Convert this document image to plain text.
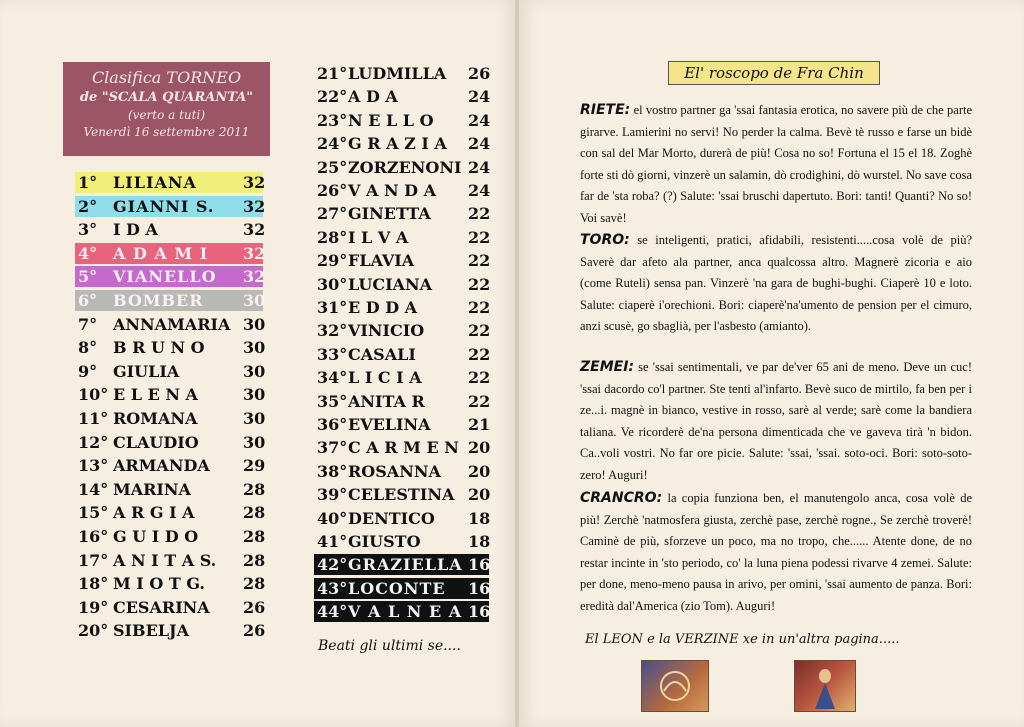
Clasifica TORNEO
de "SCALA QUARANTA"
(verto a tuti)
Venerdì 16 settembre 2011
1° LILIANA	32
2° GIANNI S. 32
3° I D A	32
4° A D A M I 32
5° VIANELLO 32
6° BOMBER 30
7° ANNAMARIA 30
8° B R U N O 30
9° GIULIA	30
10° E L E N A	30
11° ROMANA	30
12° CLAUDIO	30
13° ARMANDA 29
14° MARINA	28
15° A R G I A	28
16° G U I D O	28
17° A N I T A S. 28
18° M I O T G. 28
19° CESARINA 26
20° SIBELJA	26
21° LUDMILLA 26
22° A D A	24
23° N E L L O 24
24° G R A Z I A 24
25° ZORZENONI 24
26° V A N D A 24
27° GINETTA 22
28° I L V A	22
29° FLAVIA	22
30° LUCIANA 22
31° E D D A	22
32° VINICIO	22
33° CASALI	22
34° L I C I A	22
35° ANITA R	22
36° EVELINA 21
37° C A R M E N 20
38° ROSANNA 20
39° CELESTINA 20
40° DENTICO 18
41° GIUSTO	18
42° GRAZIELLA 16
43° LOCONTE 16
44° V A L N E A 16
Beati gli ultimi se....
El' roscopo de Fra Chin
RIETE: el vostro partner ga 'ssai fantasia erotica, no savere più de che parte girarve. Lamierini no servi! No perder la calma. Bevè tè russo e farse un bidè con sal del Mar Morto, durerà de più! Cosa no so! Fortuna el 15 el 18. Zoghè forte sti dò giorni, vinzerè un salamin, dò crodighini, dò wurstel. No save cosa far de 'sta roba? (?) Salute: 'ssai bruschi dapertuto. Bori: tanti! Quanti? No so! Voi savè!
TORO: se inteligenti, pratici, afidabili, resistenti.....cosa volè de più? Saverè dar afeto ala partner, anca qualcossa altro. Magnerè zicoria e aio (come Ruteli) sensa pan. Vinzerè 'na gara de bughi-bughi. Ciaperè 10 e loto. Salute: ciaperè i'orechioni. Bori: ciaperè'na'umento de pension per el cimuro, anzi scusè, go sbaglià, per l'asbesto (amianto).
ZEMEI: se 'ssai sentimentali, ve par de'ver 65 ani de meno. Deve un cuc! 'ssai dacordo co'l partner. Ste tenti al'infarto. Bevè suco de mirtilo, fa ben per i ze...i. magnè in bianco, vestive in rosso, sarè al verde; sarè come la bandiera taliana. Ve ricorderè de'na persona dimenticada che ve gaveva tirà 'n bidon. Ca..voli vostri. No far ore picie. Salute: 'ssai, 'ssai. soto-oci. Bori: soto-soto-zero! Auguri!
CRANCRO: la copia funziona ben, el manutengolo anca, cosa volè de più! Zerchè 'natmosfera giusta, zerchè pase, zerchè rogne., Se zerchè troverè! Caminè de più, sforzeve un poco, ma no tropo, che...... Atente done, de no restar incinte in 'sto periodo, co' la luna piena podessi rivarve 4 zemei. Salute: per done, meno-meno pausa in arivo, per omini, 'ssai aumento de panza. Bori: eredità dal'America (zio Tom). Auguri!
El LEON e la VERZINE xe in un'altra pagina.....
